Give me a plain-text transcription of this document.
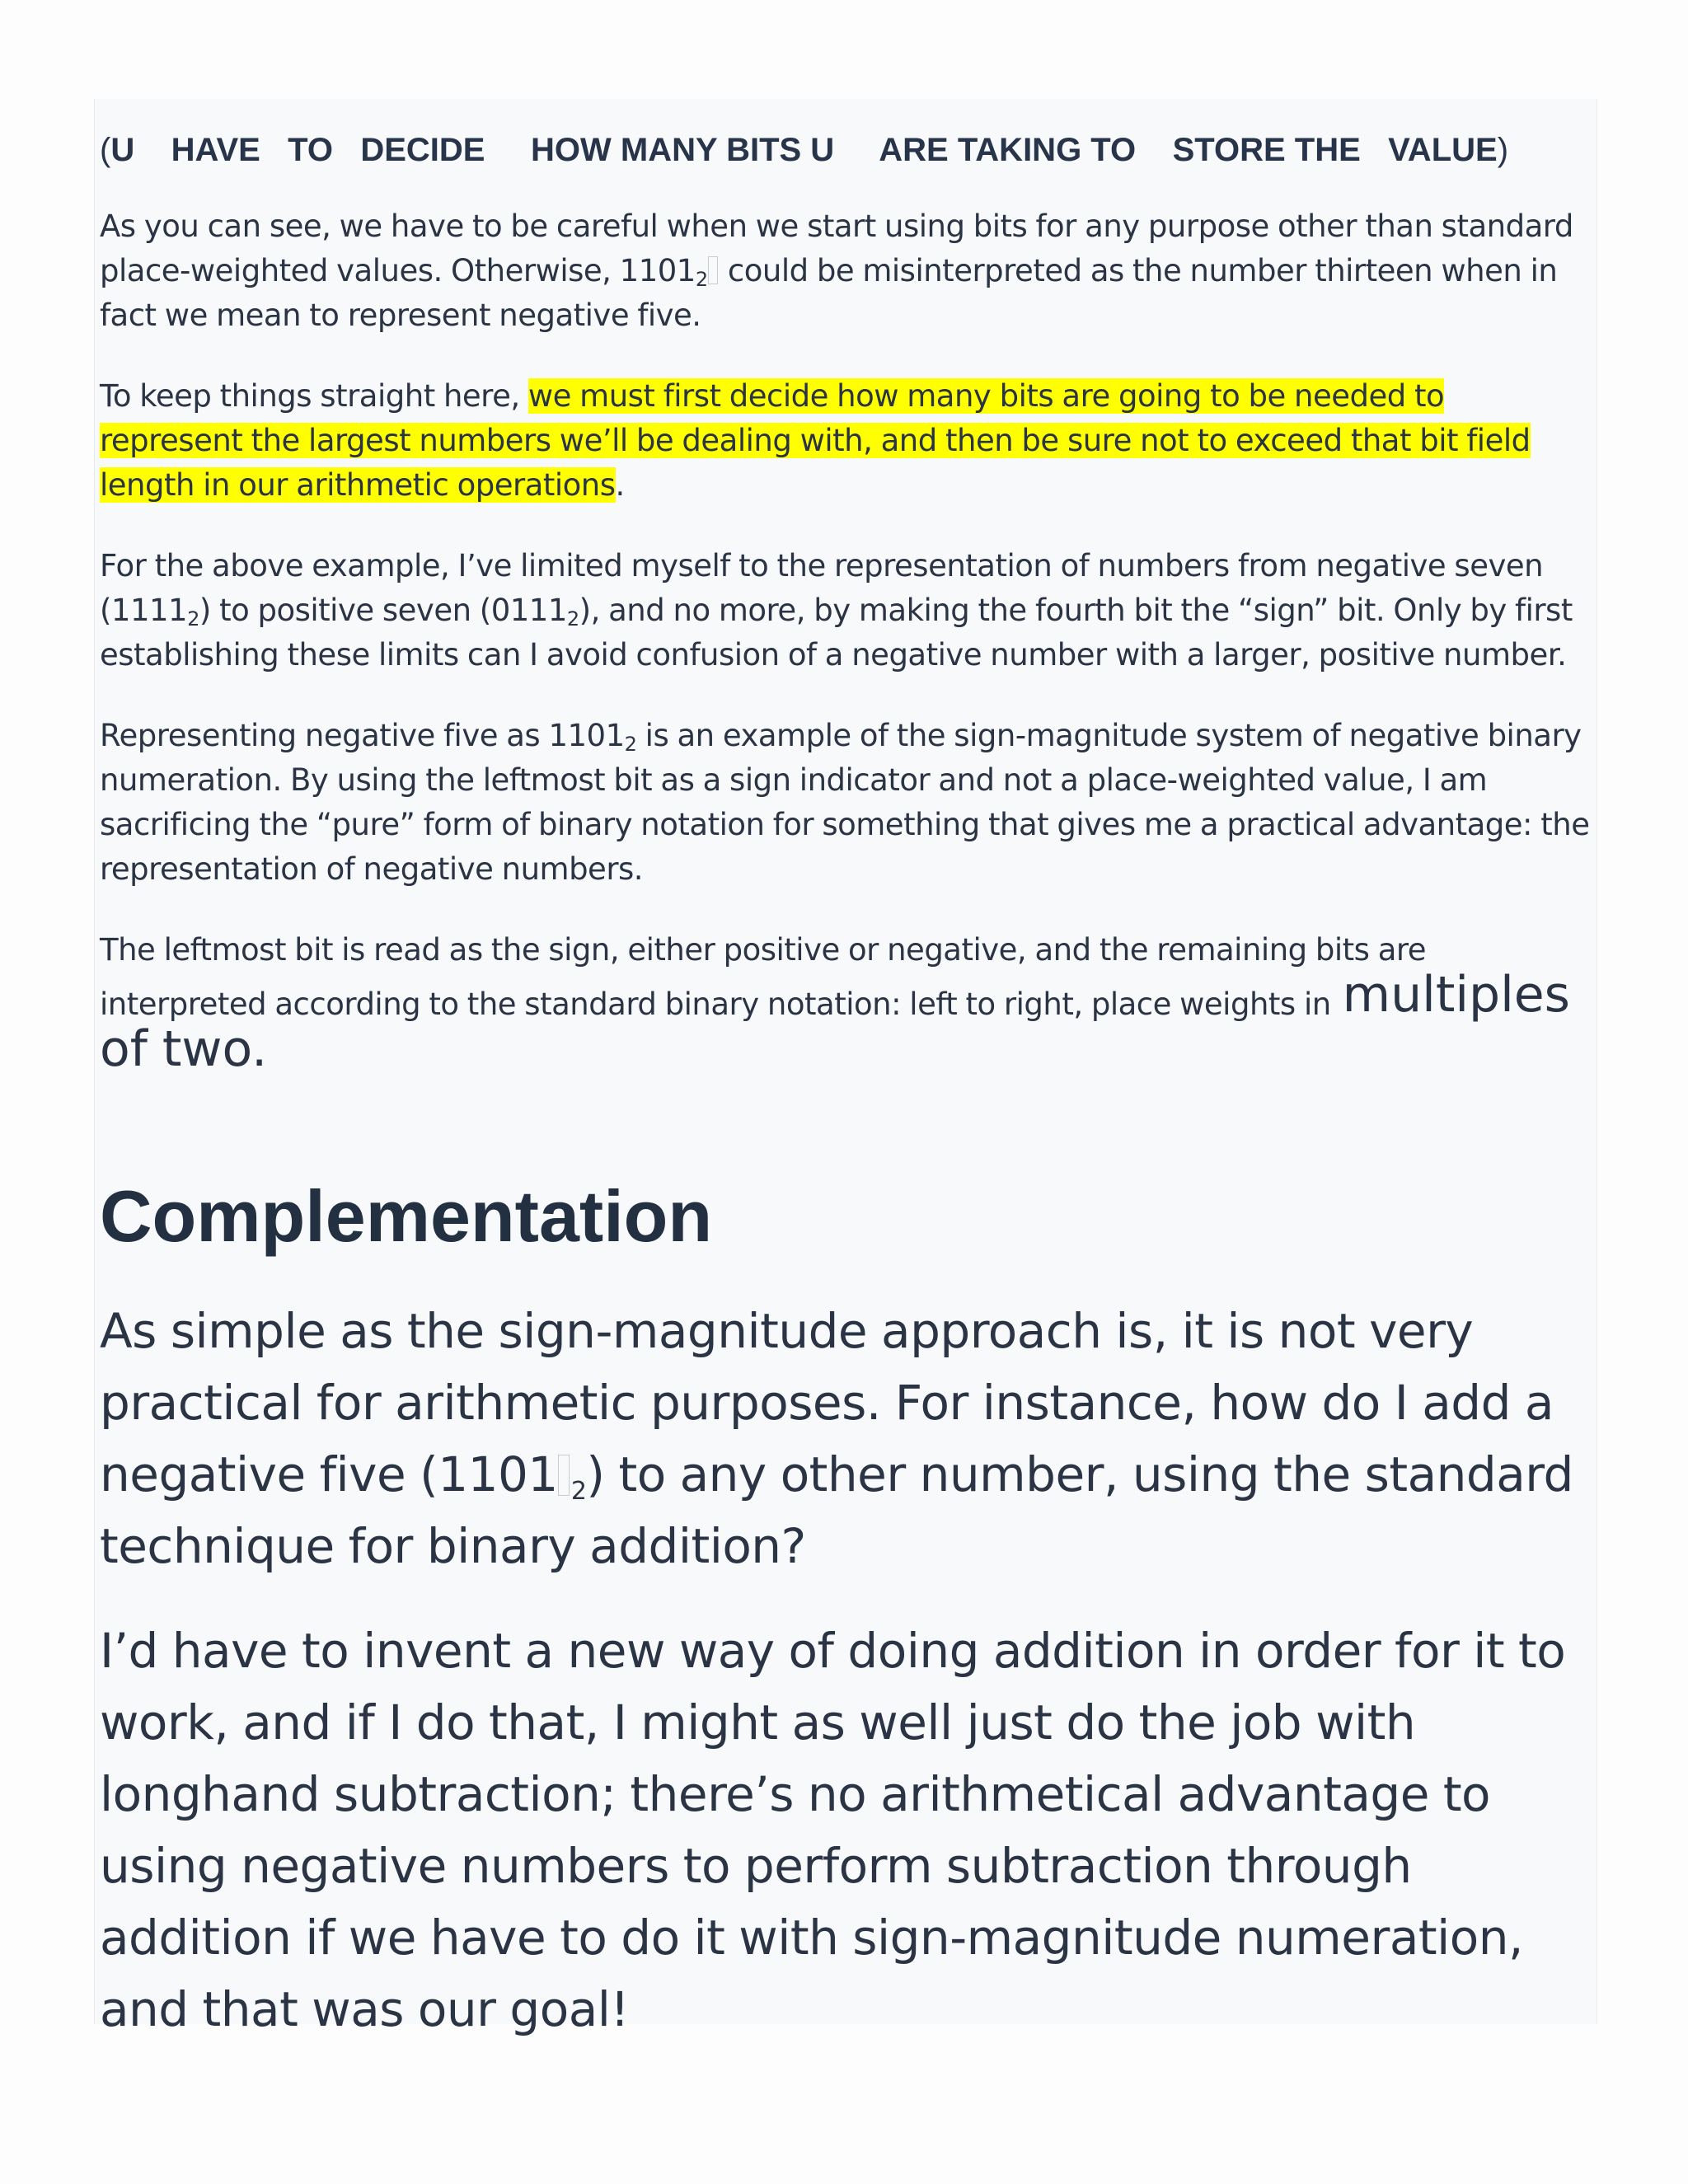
(U    HAVE   TO   DECIDE     HOW MANY BITS U     ARE TAKING TO    STORE THE   VALUE)

As you can see, we have to be careful when we start using bits for any purpose other than standard place-weighted values. Otherwise, $1101_2$ could be misinterpreted as the number thirteen when in fact we mean to represent negative five.

To keep things straight here, we must first decide how many bits are going to be needed to represent the largest numbers we’ll be dealing with, and then be sure not to exceed that bit field length in our arithmetic operations.

For the above example, I’ve limited myself to the representation of numbers from negative seven $(1111_2)$ to positive seven $(0111_2)$, and no more, by making the fourth bit the “sign” bit. Only by first establishing these limits can I avoid confusion of a negative number with a larger, positive number.

Representing negative five as $1101_2$ is an example of the sign-magnitude system of negative binary numeration. By using the leftmost bit as a sign indicator and not a place-weighted value, I am sacrificing the “pure” form of binary notation for something that gives me a practical advantage: the representation of negative numbers.

The leftmost bit is read as the sign, either positive or negative, and the remaining bits are interpreted according to the standard binary notation: left to right, place weights in multiples of two.

Complementation

As simple as the sign-magnitude approach is, it is not very practical for arithmetic purposes. For instance, how do I add a negative five (1101 $_2$) to any other number, using the standard technique for binary addition?

I’d have to invent a new way of doing addition in order for it to work, and if I do that, I might as well just do the job with longhand subtraction; there’s no arithmetical advantage to using negative numbers to perform subtraction through addition if we have to do it with sign-magnitude numeration, and that was our goal!
